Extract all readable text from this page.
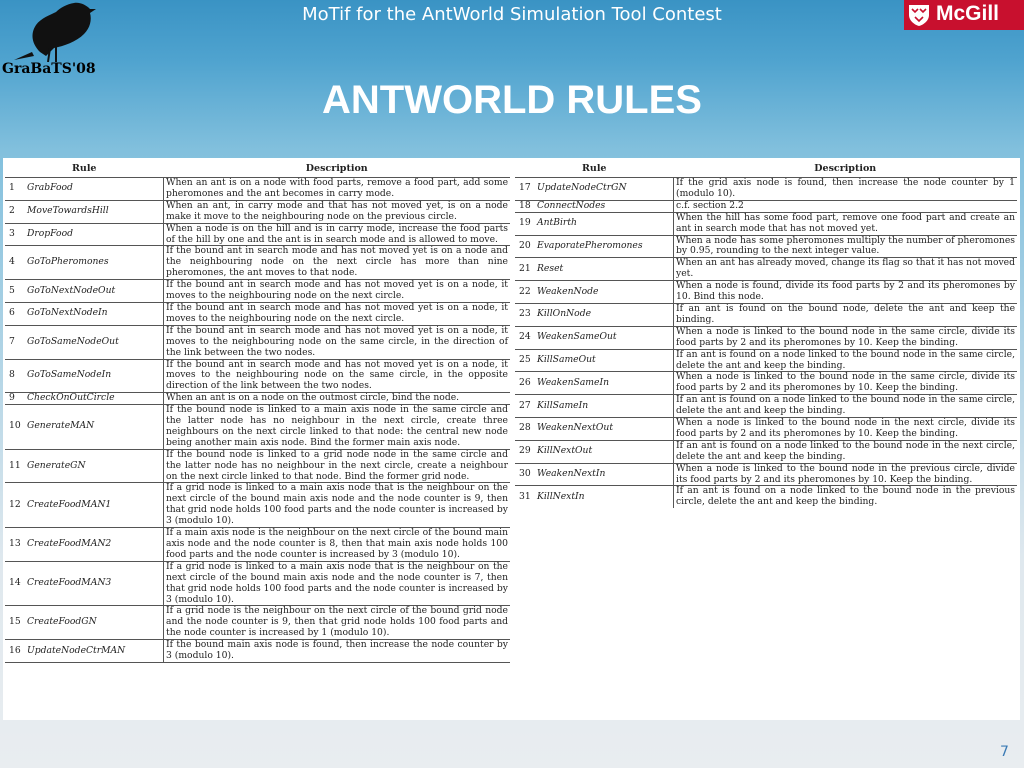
GraBaTS'08
MoTif for the AntWorld Simulation Tool Contest	McGill
ANTWORLD RULES
Rule		Description
1	GrabFood	When an ant is on a node with food parts, remove a food part, add some pheromones and the ant becomes in carry mode.
2	MoveTowardsHill	When an ant, in carry mode and that has not moved yet, is on a node make it move to the neighbouring node on the previous circle.
3	DropFood	When a node is on the hill and is in carry mode, increase the food parts of the hill by one and the ant is in search mode and is allowed to move.
4	GoToPheromones	If the bound ant in search mode and has not moved yet is on a node and the neighbouring node on the next circle has more than nine pheromones, the ant moves to that node.
5	GoToNextNodeOut	If the bound ant in search mode and has not moved yet is on a node, it moves to the neighbouring node on the next circle.
6	GoToNextNodeIn	If the bound ant in search mode and has not moved yet is on a node, it moves to the neighbouring node on the next circle.
7	GoToSameNodeOut	If the bound ant in search mode and has not moved yet is on a node, it moves to the neighbouring node on the same circle, in the direction of the link between the two nodes.
8	GoToSameNodeIn	If the bound ant in search mode and has not moved yet is on a node, it moves to the neighbouring node on the same circle, in the opposite direction of the link between the two nodes.
9	CheckOnOutCircle	When an ant is on a node on the outmost circle, bind the node.
10	GenerateMAN	If the bound node is linked to a main axis node in the same circle and the latter node has no neighbour in the next circle, create three neighbours on the next circle linked to that node: the central new node being another main axis node. Bind the former main axis node.
11	GenerateGN	If the bound node is linked to a grid node node in the same circle and the latter node has no neighbour in the next circle, create a neighbour on the next circle linked to that node. Bind the former grid node.
12	CreateFoodMAN1	If a grid node is linked to a main axis node that is the neighbour on the next circle of the bound main axis node and the node counter is 9, then that grid node holds 100 food parts and the node counter is increased by 3 (modulo 10).
13	CreateFoodMAN2	If a main axis node is the neighbour on the next circle of the bound main axis node and the node counter is 8, then that main axis node holds 100 food parts and the node counter is increased by 3 (modulo 10).
14	CreateFoodMAN3	If a grid node is linked to a main axis node that is the neighbour on the next circle of the bound main axis node and the node counter is 7, then that grid node holds 100 food parts and the node counter is increased by 3 (modulo 10).
15	CreateFoodGN	If a grid node is the neighbour on the next circle of the bound grid node and the node counter is 9, then that grid node holds 100 food parts and the node counter is increased by 1 (modulo 10).
16	UpdateNodeCtrMAN	If the bound main axis node is found, then increase the node counter by 3 (modulo 10).
Rule		Description
17	UpdateNodeCtrGN	If the grid axis node is found, then increase the node counter by 1 (modulo 10).
18	ConnectNodes	c.f. section 2.2
19	AntBirth	When the hill has some food part, remove one food part and create an ant in search mode that has not moved yet.
20	EvaporatePheromones	When a node has some pheromones multiply the number of pheromones by 0.95, rounding to the next integer value.
21	Reset	When an ant has already moved, change its flag so that it has not moved yet.
22	WeakenNode	When a node is found, divide its food parts by 2 and its pheromones by 10. Bind this node.
23	KillOnNode	If an ant is found on the bound node, delete the ant and keep the binding.
24	WeakenSameOut	When a node is linked to the bound node in the same circle, divide its food parts by 2 and its pheromones by 10. Keep the binding.
25	KillSameOut	If an ant is found on a node linked to the bound node in the same circle, delete the ant and keep the binding.
26	WeakenSameIn	When a node is linked to the bound node in the same circle, divide its food parts by 2 and its pheromones by 10. Keep the binding.
27	KillSameIn	If an ant is found on a node linked to the bound node in the same circle, delete the ant and keep the binding.
28	WeakenNextOut	When a node is linked to the bound node in the next circle, divide its food parts by 2 and its pheromones by 10. Keep the binding.
29	KillNextOut	If an ant is found on a node linked to the bound node in the next circle, delete the ant and keep the binding.
30	WeakenNextIn	When a node is linked to the bound node in the previous circle, divide its food parts by 2 and its pheromones by 10. Keep the binding.
31	KillNextIn	If an ant is found on a node linked to the bound node in the previous circle, delete the ant and keep the binding.
7
